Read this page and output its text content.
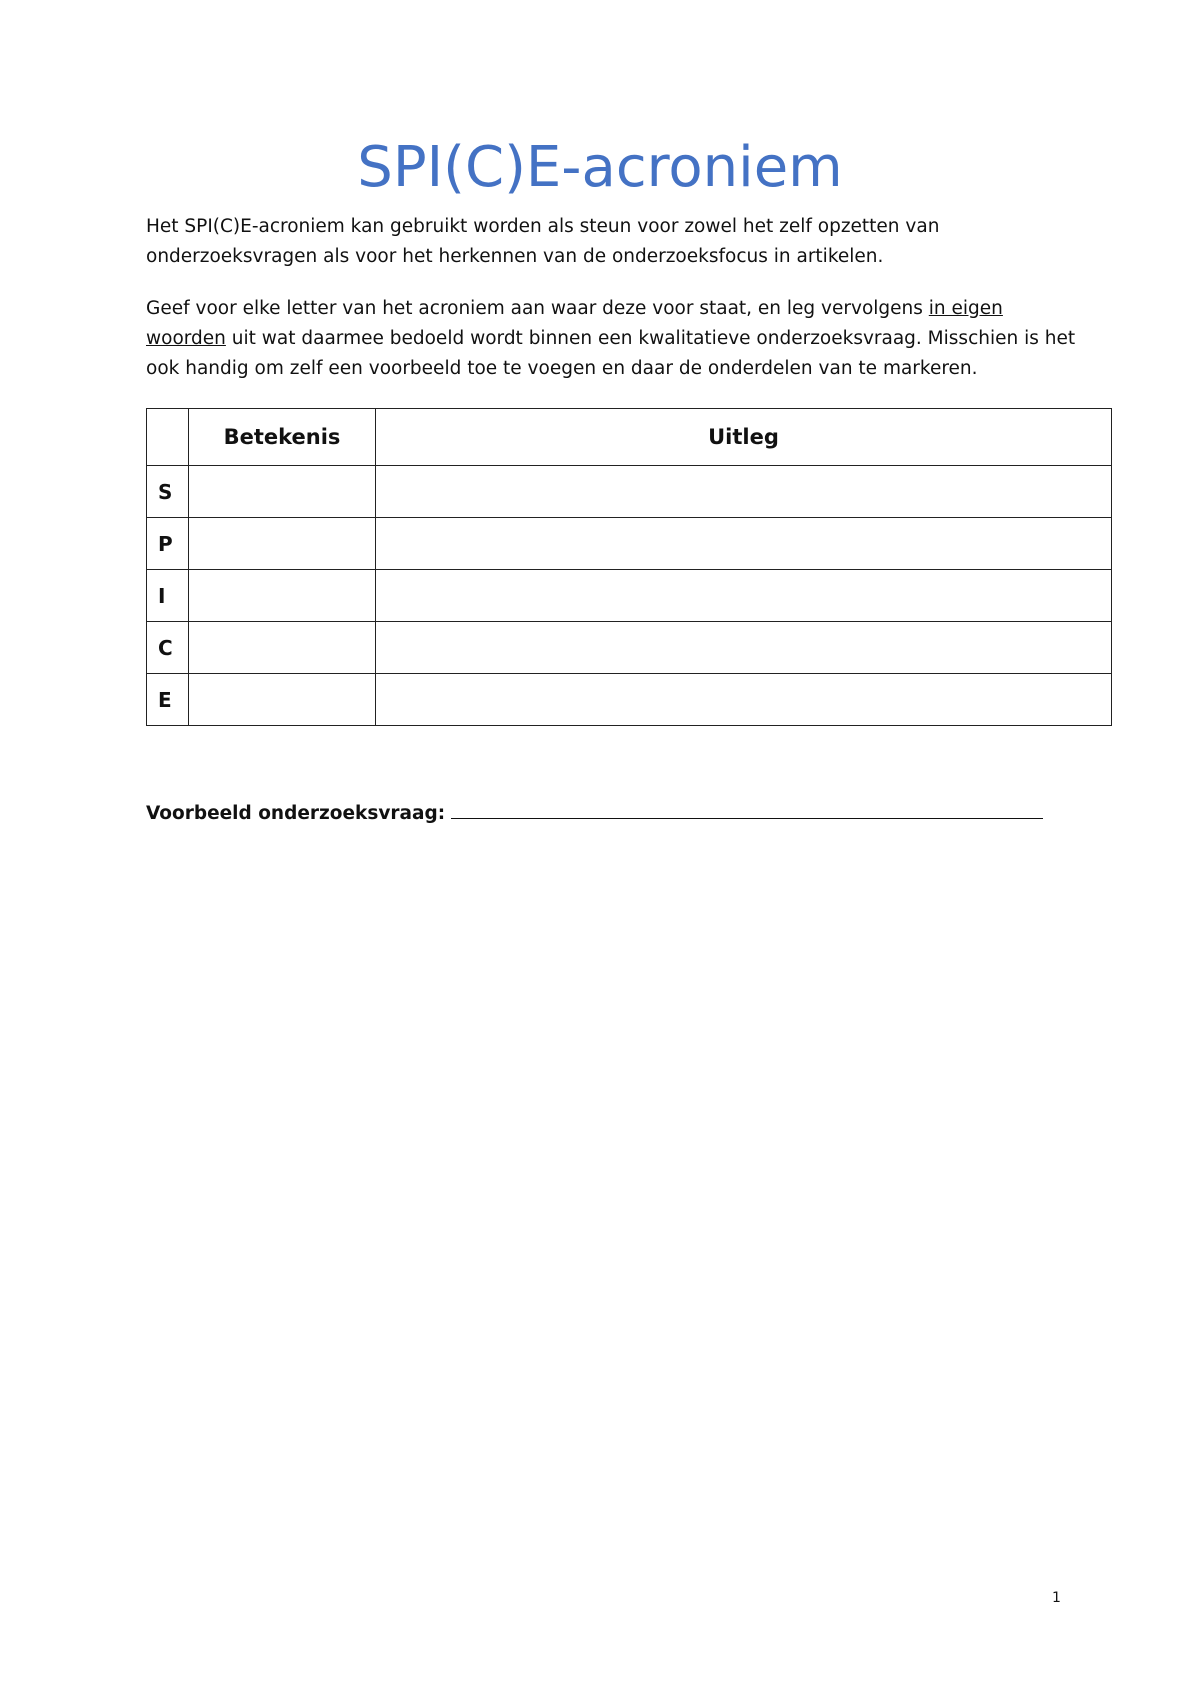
SPI(C)E-acroniem

Het SPI(C)E-acroniem kan gebruikt worden als steun voor zowel het zelf opzetten van onderzoeksvragen als voor het herkennen van de onderzoeksfocus in artikelen.

Geef voor elke letter van het acroniem aan waar deze voor staat, en leg vervolgens in eigen woorden uit wat daarmee bedoeld wordt binnen een kwalitatieve onderzoeksvraag. Misschien is het ook handig om zelf een voorbeeld toe te voegen en daar de onderdelen van te markeren.

	Betekenis	Uitleg
S		
P		
I		
C		
E		
Voorbeeld onderzoeksvraag:
1
